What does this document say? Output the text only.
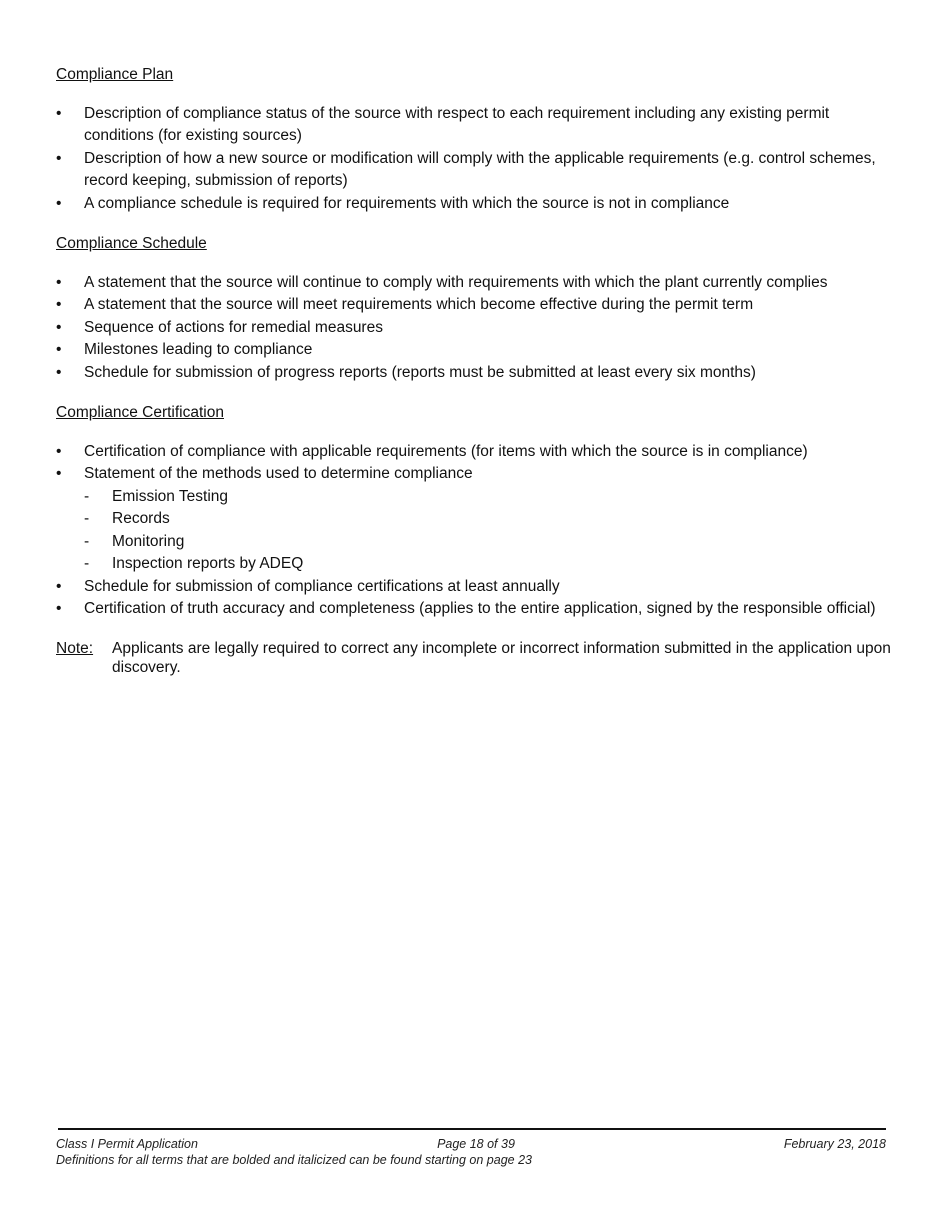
Compliance Plan
•	Description of compliance status of the source with respect to each requirement including any existing permit conditions (for existing sources)
•	Description of how a new source or modification will comply with the applicable requirements (e.g. control schemes, record keeping, submission of reports)
•	A compliance schedule is required for requirements with which the source is not in compliance
Compliance Schedule
•	A statement that the source will continue to comply with requirements with which the plant currently complies
•	A statement that the source will meet requirements which become effective during the permit term
•	Sequence of actions for remedial measures
•	Milestones leading to compliance
•	Schedule for submission of progress reports (reports must be submitted at least every six months)
Compliance Certification
•	Certification of compliance with applicable requirements (for items with which the source is in compliance)
•	Statement of the methods used to determine compliance
- Emission Testing
- Records
- Monitoring
- Inspection reports by ADEQ
•	Schedule for submission of compliance certifications at least annually
•	Certification of truth accuracy and completeness (applies to the entire application, signed by the responsible official)
Note:	Applicants are legally required to correct any incomplete or incorrect information submitted in the application upon discovery.
Class I Permit Application	Page 18 of 39	February 23, 2018
Definitions for all terms that are bolded and italicized can be found starting on page 23
